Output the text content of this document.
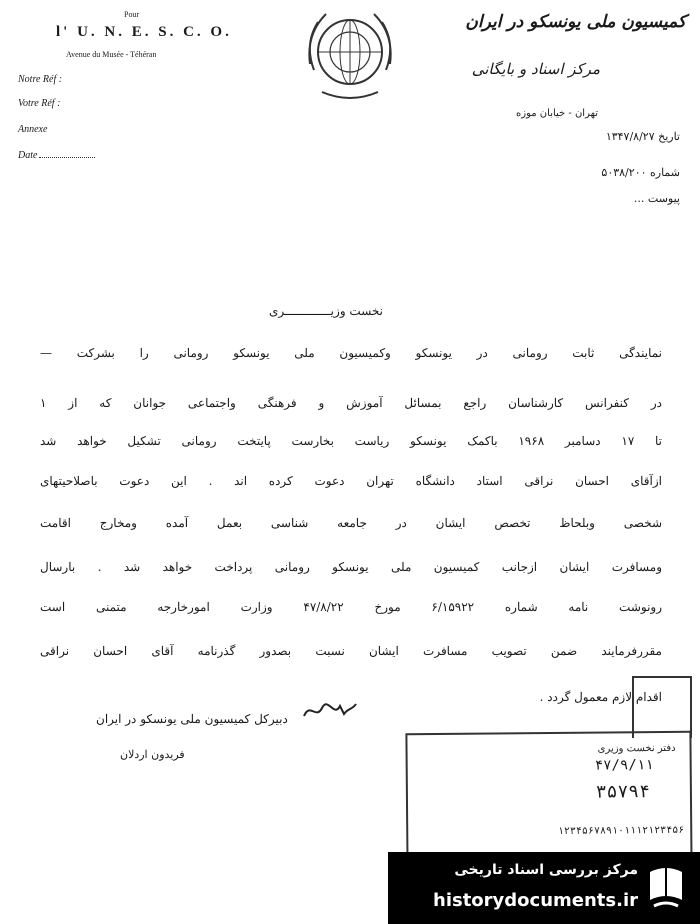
Pour
l' U. N. E. S. C. O.
Avenue du Musée - Téhéran
Notre Réf :
Votre Réf :
Annexe
Date
کمیسیون ملی یونسکو در ایران
مرکز اسناد و بایگانی
تهران - خیابان موزه
تاریخ ۱۳۴۷/۸/۲۷
شماره ۵۰۳۸/۲۰۰
پیوست ...
نخست وزیـــــــــــــری
نمایندگی ثابت رومانی در یونسکو وکمیسیون ملی یونسکو رومانی را بشرکت —
در کنفرانس کارشناسان راجع بمسائل آموزش و فرهنگی واجتماعی جوانان که از ۱
تا ۱۷ دسامبر ۱۹۶۸ باکمک یونسکو ریاست بخارست پایتخت رومانی تشکیل خواهد شد
ازآقای احسان نراقی استاد دانشگاه تهران دعوت کرده اند . این دعوت باصلاحیتهای
شخصی وبلحاظ تخصص ایشان در جامعه شناسی بعمل آمده ومخارج اقامت
ومسافرت ایشان ازجانب کمیسیون ملی یونسکو رومانی پرداخت خواهد شد . بارسال
رونوشت نامه شماره ۶/۱۵۹۲۲ مورخ ۴۷/۸/۲۲ وزارت امورخارجه متمنی است
مقررفرمایند ضمن تصویب مسافرت ایشان نسبت بصدور گذرنامه آقای احسان نراقی
اقدام لازم معمول گردد .
دبیرکل کمیسیون ملی یونسکو در ایران
فریدون اردلان	دفتر نخست وزیری
۴۷/۹/۱۱
۳۵۷۹۴
۱۲۳۴۵۶۷۸۹۱۰۱۱۱۲۱۲۳۴۵۶
مرکز بررسی اسناد تاریخی
historydocuments.ir
